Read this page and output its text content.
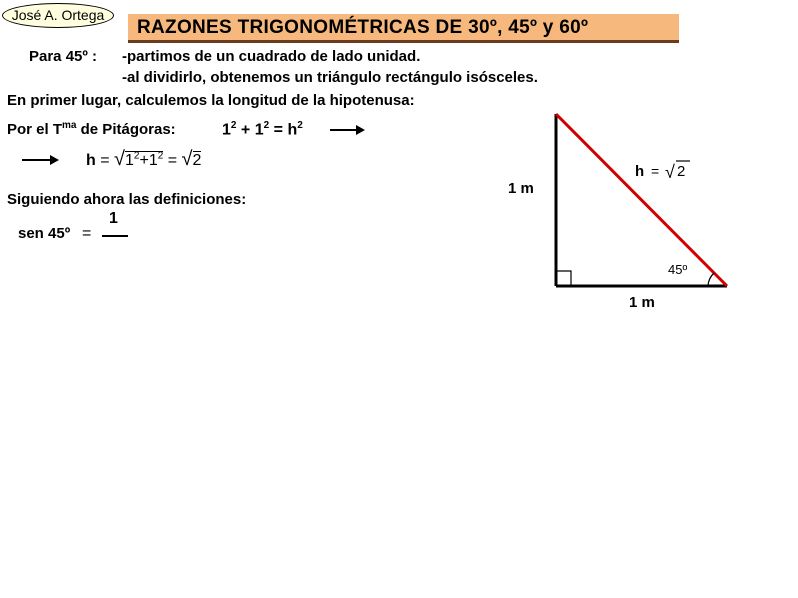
José A. Ortega
RAZONES TRIGONOMÉTRICAS DE 30º, 45º y 60º
Para 45º : -partimos de un cuadrado de lado unidad.
-al dividirlo, obtenemos un triángulo rectángulo isósceles.
En primer lugar, calculemos la longitud de la hipotenusa:
Por el $T^{ma}$ de Pitágoras:	$1^2 + 1^2 = h^2$
$h = √1^2+1^2 = √2$
Siguiendo ahora las definiciones:
sen 45º =
1
1 m
1 m
45º
h = √ 2
